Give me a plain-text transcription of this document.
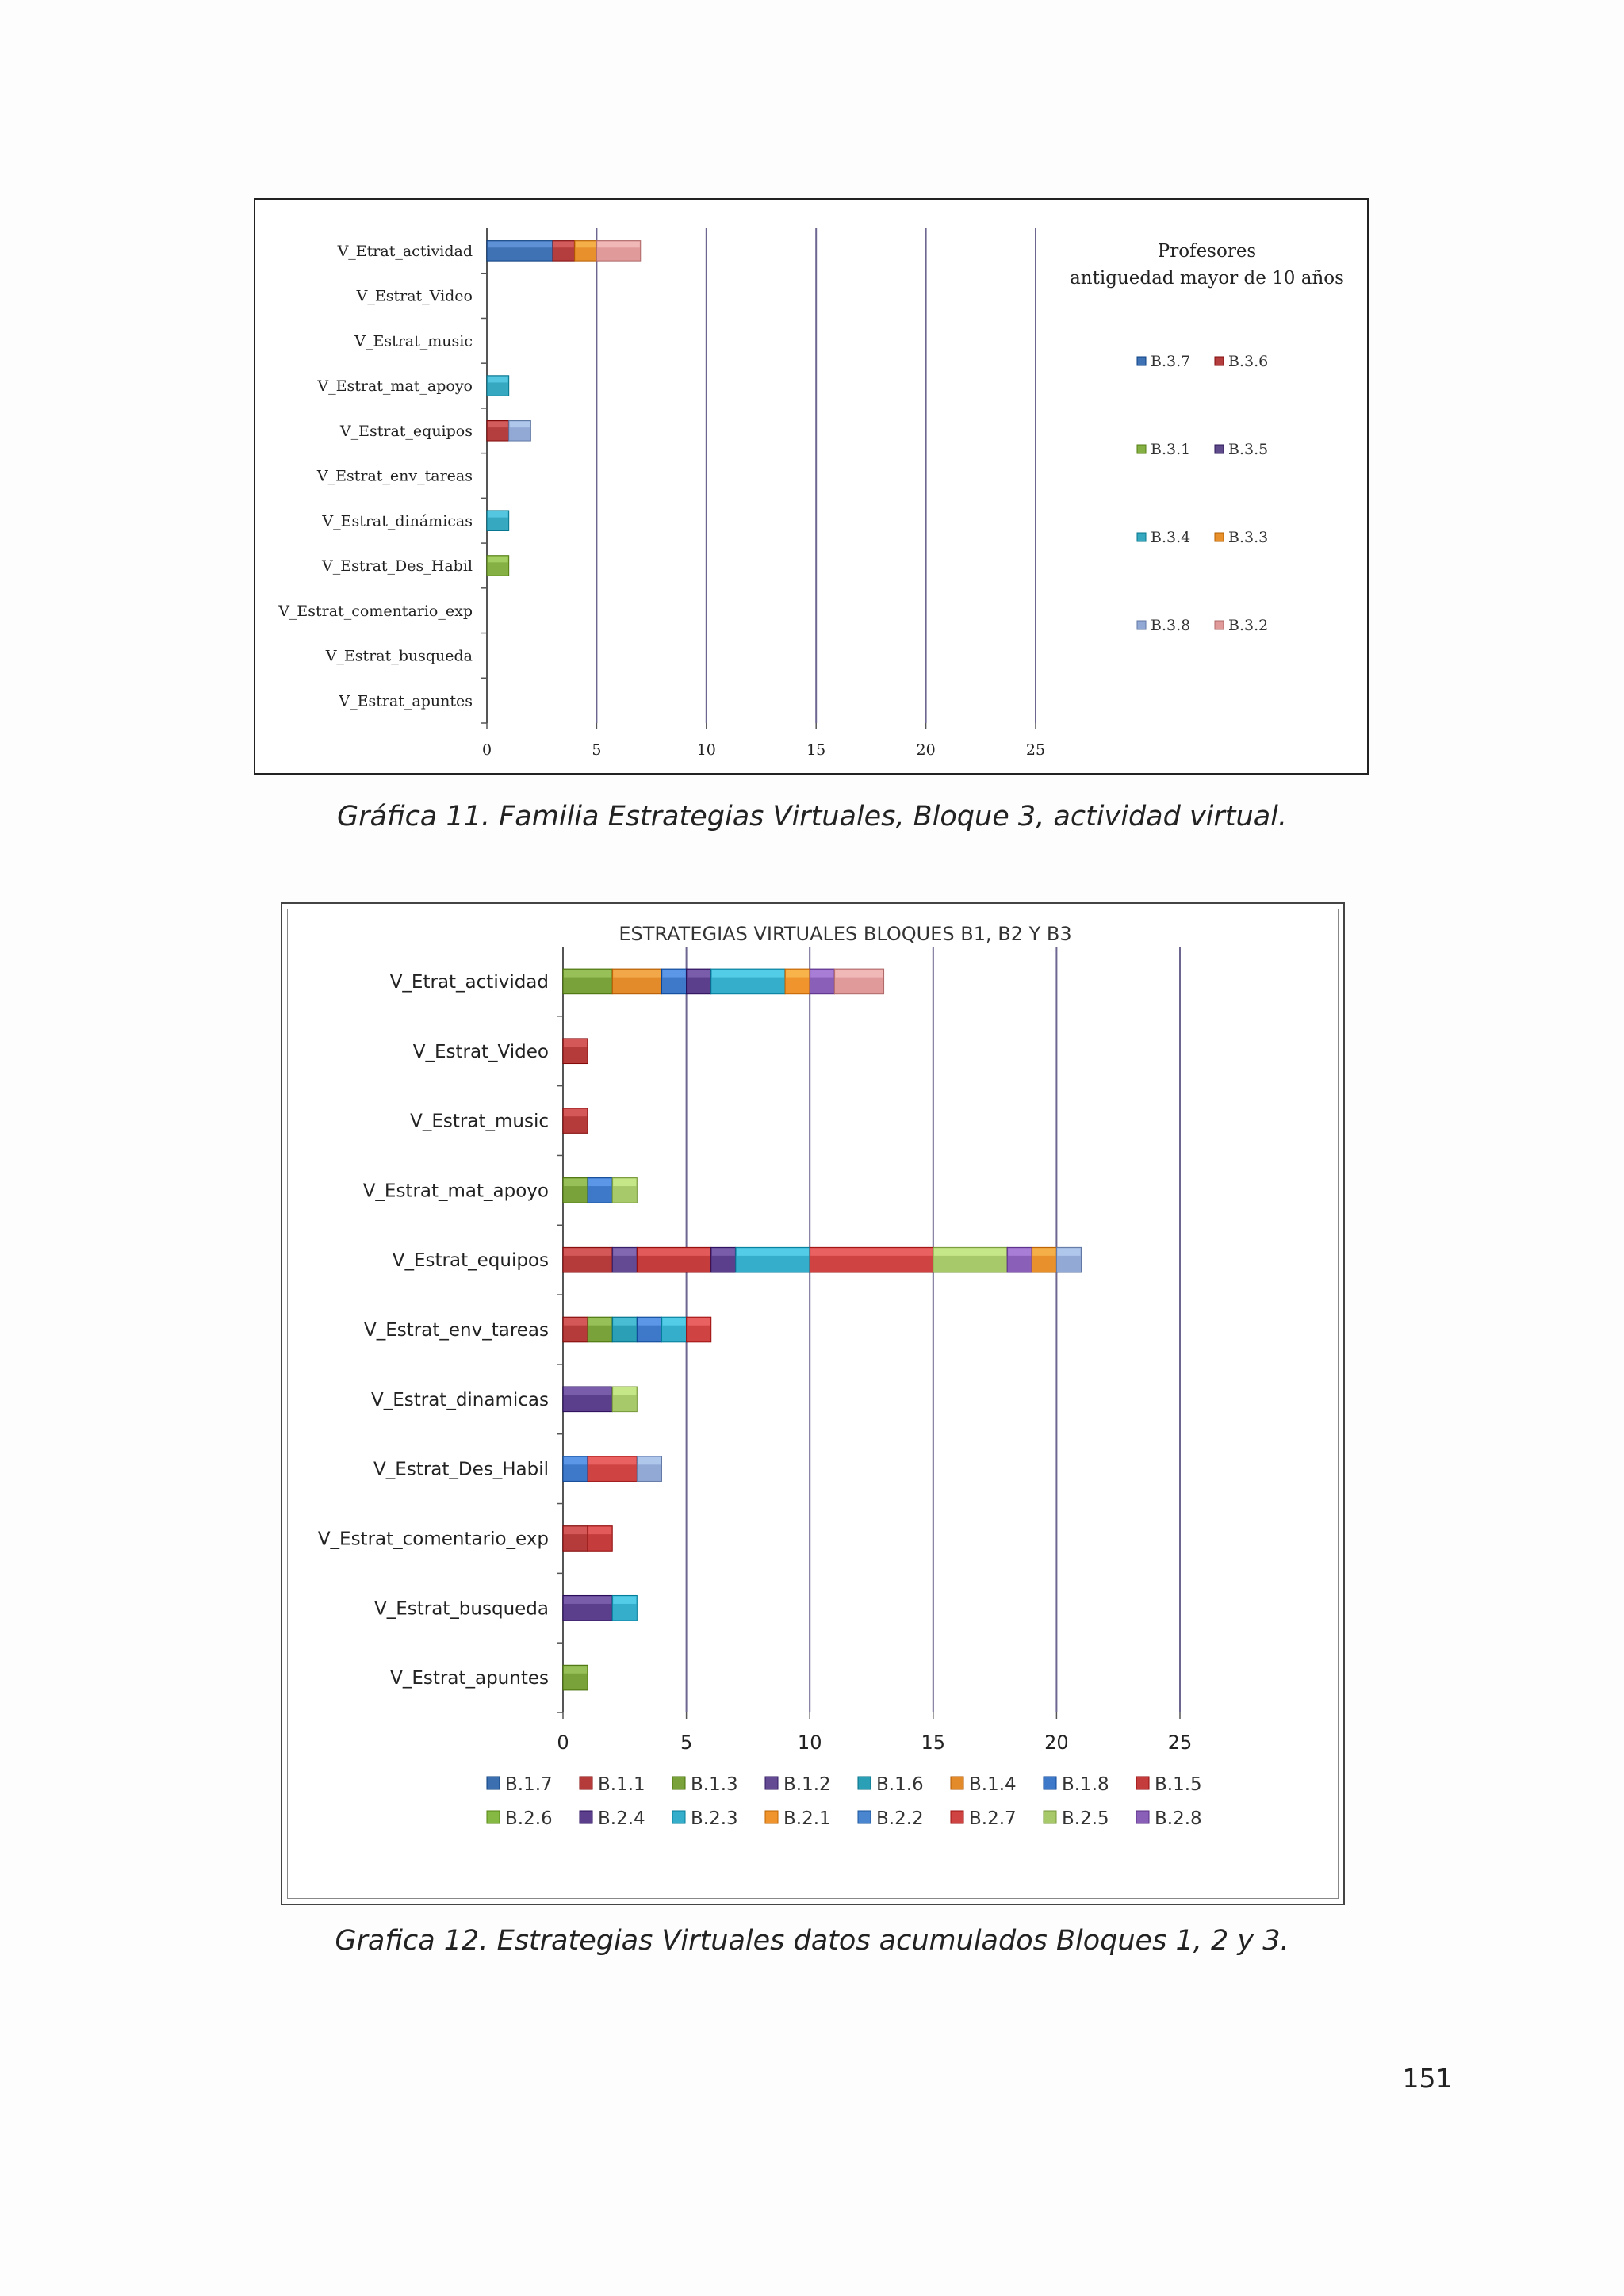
0	5	10	15	20	25
V_Etrat_actividad
V_Estrat_Video
V_Estrat_music
V_Estrat_mat_apoyo
V_Estrat_equipos
V_Estrat_env_tareas
V_Estrat_dinámicas
V_Estrat_Des_Habil
V_Estrat_comentario_exp
V_Estrat_busqueda
V_Estrat_apuntes
Profesores
antiguedad mayor de 10 años
B.3.7	B.3.6
B.3.1	B.3.5
B.3.4	B.3.3
B.3.8	B.3.2
Gráfica 11. Familia Estrategias Virtuales, Bloque 3, actividad virtual.
0	5	10	15	20	25
V_Etrat_actividad
V_Estrat_Video
V_Estrat_music
V_Estrat_mat_apoyo
V_Estrat_equipos
V_Estrat_env_tareas
V_Estrat_dinamicas
V_Estrat_Des_Habil
V_Estrat_comentario_exp
V_Estrat_busqueda
V_Estrat_apuntes
ESTRATEGIAS VIRTUALES BLOQUES B1, B2 Y B3
B.1.7 B.1.1 B.1.3 B.1.2 B.1.6 B.1.4 B.1.8 B.1.5
B.2.6 B.2.4 B.2.3 B.2.1 B.2.2 B.2.7 B.2.5 B.2.8
Grafica 12. Estrategias Virtuales datos acumulados Bloques 1, 2 y 3.
151
